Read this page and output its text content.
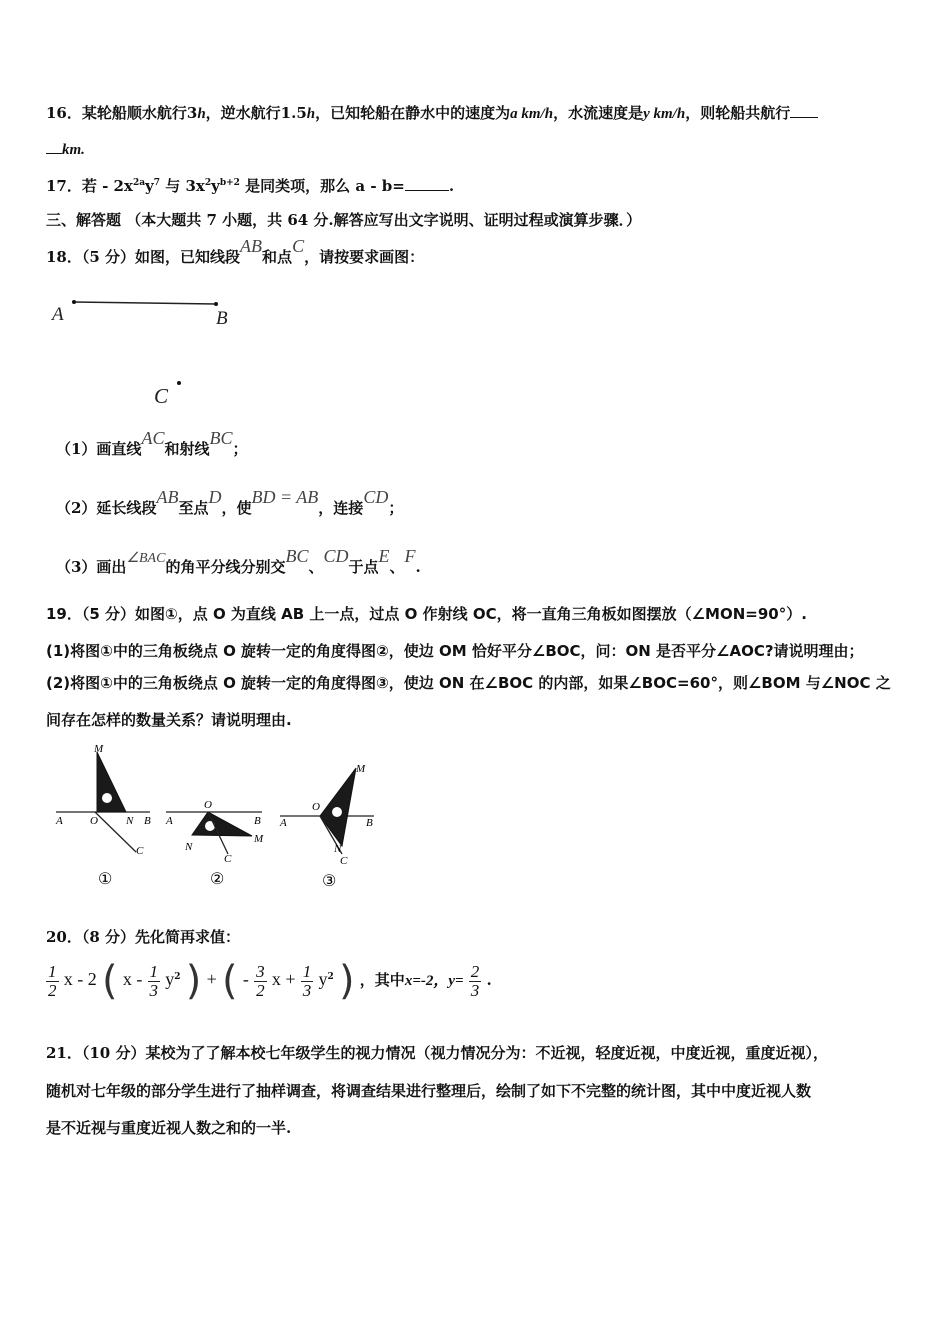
16．某轮船顺水航行3h，逆水航行1.5h，已知轮船在静水中的速度为a km/h，水流速度是y km/h，则轮船共航行
km.
17．若 - $2x^{2a}y^7$ 与 $3x^2y^{b+2}$ 是同类项，那么 a - b=	.
三、解答题 （本大题共 7 小题，共 64 分.解答应写出文字说明、证明过程或演算步骤．）
18．（5 分）如图，已知线段AB和点C，请按要求画图：
A	B
C
（1）画直线AC和射线BC；
（2）延长线段AB至点D，使BD = AB，连接CD；
（3）画出∠BAC的角平分线分别交BC、CD于点E、F.
19．（5 分）如图①，点 O 为直线 AB 上一点，过点 O 作射线 OC，将一直角三角板如图摆放（∠MON=90°）.
(1)将图①中的三角板绕点 O 旋转一定的角度得图②，使边 OM 恰好平分∠BOC，问：ON 是否平分∠AOC?请说明理由；
(2)将图①中的三角板绕点 O 旋转一定的角度得图③，使边 ON 在∠BOC 的内部，如果∠BOC=60°，则∠BOM 与∠NOC 之
间存在怎样的数量关系？请说明理由.
M
A O	N B
C
①
O
A	B
N
M
C
②
M
O
A	B
N
C
③
20．（8 分）先化简再求值：
$\frac{1}{2}$ x - 2 ( x - $\frac{1}{3} y^2$ ) + ( - $\frac{3}{2}$ $x + \frac{1}{3} y^2$ ) ，其中x=-2，$y= \frac{2}{3}$ .
21．（10 分）某校为了了解本校七年级学生的视力情况（视力情况分为：不近视，轻度近视，中度近视，重度近视），
随机对七年级的部分学生进行了抽样调查，将调查结果进行整理后，绘制了如下不完整的统计图，其中中度近视人数
是不近视与重度近视人数之和的一半.
